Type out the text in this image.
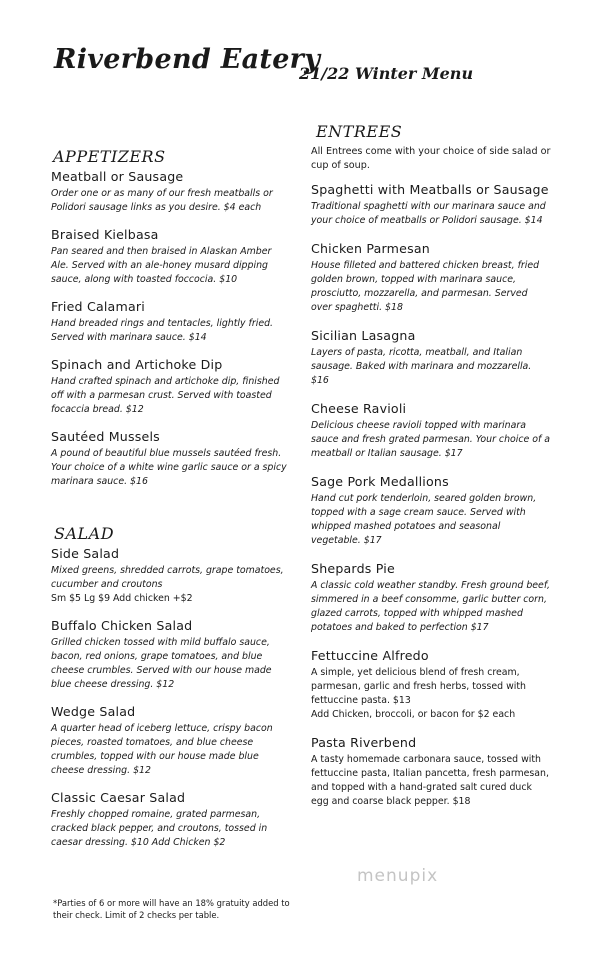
Riverbend Eatery
21/22 Winter Menu
APPETIZERS
Meatball or Sausage
Order one or as many of our fresh meatballs or Polidori sausage links as you desire. $4 each
Braised Kielbasa
Pan seared and then braised in Alaskan Amber Ale. Served with an ale-honey musard dipping sauce, along with toasted foccocia. $10
Fried Calamari
Hand breaded rings and tentacles, lightly fried. Served with marinara sauce. $14
Spinach and Artichoke Dip
Hand crafted spinach and artichoke dip, finished off with a parmesan crust. Served with toasted focaccia bread. $12
Sautéed Mussels
A pound of beautiful blue mussels sautéed fresh. Your choice of a white wine garlic sauce or a spicy marinara sauce. $16
SALAD
Side Salad
Mixed greens, shredded carrots, grape tomatoes, cucumber and croutons
Sm $5 Lg $9 Add chicken +$2
Buffalo Chicken Salad
Grilled chicken tossed with mild buffalo sauce, bacon, red onions, grape tomatoes, and blue cheese crumbles. Served with our house made blue cheese dressing. $12
Wedge Salad
A quarter head of iceberg lettuce, crispy bacon pieces, roasted tomatoes, and blue cheese crumbles, topped with our house made blue cheese dressing. $12
Classic Caesar Salad
Freshly chopped romaine, grated parmesan, cracked black pepper, and croutons, tossed in caesar dressing. $10 Add Chicken $2
ENTREES
All Entrees come with your choice of side salad or cup of soup.
Spaghetti with Meatballs or Sausage
Traditional spaghetti with our marinara sauce and your choice of meatballs or Polidori sausage. $14
Chicken Parmesan
House filleted and battered chicken breast, fried golden brown, topped with marinara sauce, prosciutto, mozzarella, and parmesan. Served over spaghetti. $18
Sicilian Lasagna
Layers of pasta, ricotta, meatball, and Italian sausage. Baked with marinara and mozzarella. $16
Cheese Ravioli
Delicious cheese ravioli topped with marinara sauce and fresh grated parmesan. Your choice of a meatball or Italian sausage. $17
Sage Pork Medallions
Hand cut pork tenderloin, seared golden brown, topped with a sage cream sauce. Served with whipped mashed potatoes and seasonal vegetable. $17
Shepards Pie
A classic cold weather standby. Fresh ground beef, simmered in a beef consomme, garlic butter corn, glazed carrots, topped with whipped mashed potatoes and baked to perfection $17
Fettuccine Alfredo
A simple, yet delicious blend of fresh cream, parmesan, garlic and fresh herbs, tossed with fettuccine pasta. $13
Add Chicken, broccoli, or bacon for $2 each
Pasta Riverbend
A tasty homemade carbonara sauce, tossed with fettuccine pasta, Italian pancetta, fresh parmesan, and topped with a hand-grated salt cured duck egg and coarse black pepper. $18
menupix
*Parties of 6 or more will have an 18% gratuity added to their check. Limit of 2 checks per table.
